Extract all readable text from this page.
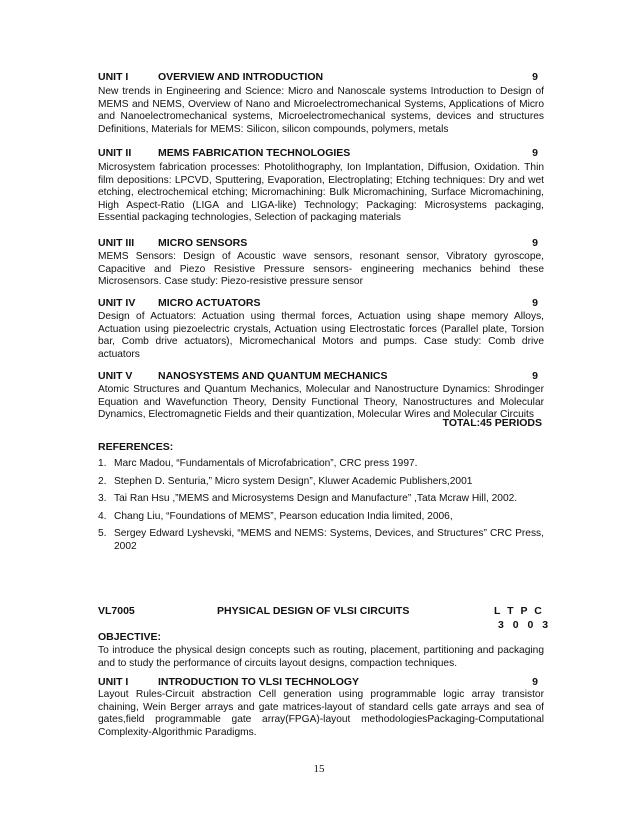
UNIT I	OVERVIEW AND INTRODUCTION	9
New trends in Engineering and Science: Micro and Nanoscale systems Introduction to Design of MEMS and NEMS, Overview of Nano and Microelectromechanical Systems, Applications of Micro and Nanoelectromechanical systems, Microelectromechanical systems, devices and structures Definitions, Materials for MEMS: Silicon, silicon compounds, polymers, metals
UNIT II	MEMS FABRICATION TECHNOLOGIES	9
Microsystem fabrication processes: Photolithography, Ion Implantation, Diffusion, Oxidation. Thin film depositions: LPCVD, Sputtering, Evaporation, Electroplating; Etching techniques: Dry and wet etching, electrochemical etching; Micromachining: Bulk Micromachining, Surface Micromachining, High Aspect-Ratio (LIGA and LIGA-like) Technology; Packaging: Microsystems packaging, Essential packaging technologies, Selection of packaging materials
UNIT III MICRO SENSORS	9
MEMS Sensors: Design of Acoustic wave sensors, resonant sensor, Vibratory gyroscope, Capacitive and Piezo Resistive Pressure sensors- engineering mechanics behind these Microsensors. Case study: Piezo-resistive pressure sensor
UNIT IV MICRO ACTUATORS	9
Design of Actuators: Actuation using thermal forces, Actuation using shape memory Alloys, Actuation using piezoelectric crystals, Actuation using Electrostatic forces (Parallel plate, Torsion bar, Comb drive actuators), Micromechanical Motors and pumps. Case study: Comb drive actuators
UNIT V NANOSYSTEMS AND QUANTUM MECHANICS	9
Atomic Structures and Quantum Mechanics, Molecular and Nanostructure Dynamics: Shrodinger Equation and Wavefunction Theory, Density Functional Theory, Nanostructures and Molecular Dynamics, Electromagnetic Fields and their quantization, Molecular Wires and Molecular Circuits
TOTAL:45 PERIODS
REFERENCES:
1. Marc Madou, “Fundamentals of Microfabrication”, CRC press 1997.
2. Stephen D. Senturia,” Micro system Design”, Kluwer Academic Publishers,2001
3. Tai Ran Hsu ,”MEMS and Microsystems Design and Manufacture” ,Tata Mcraw Hill, 2002.
4. Chang Liu, “Foundations of MEMS”, Pearson education India limited, 2006,
5. Sergey Edward Lyshevski, “MEMS and NEMS: Systems, Devices, and Structures” CRC Press, 2002
VL7005	PHYSICAL DESIGN OF VLSI CIRCUITS	L T P C
3 0 0 3
OBJECTIVE:
To introduce the physical design concepts such as routing, placement, partitioning and packaging and to study the performance of circuits layout designs, compaction techniques.
UNIT I	INTRODUCTION TO VLSI TECHNOLOGY	9
Layout Rules-Circuit abstraction Cell generation using programmable logic array transistor chaining, Wein Berger arrays and gate matrices-layout of standard cells gate arrays and sea of gates,field programmable gate array(FPGA)-layout methodologiesPackaging-Computational Complexity-Algorithmic Paradigms.
15
